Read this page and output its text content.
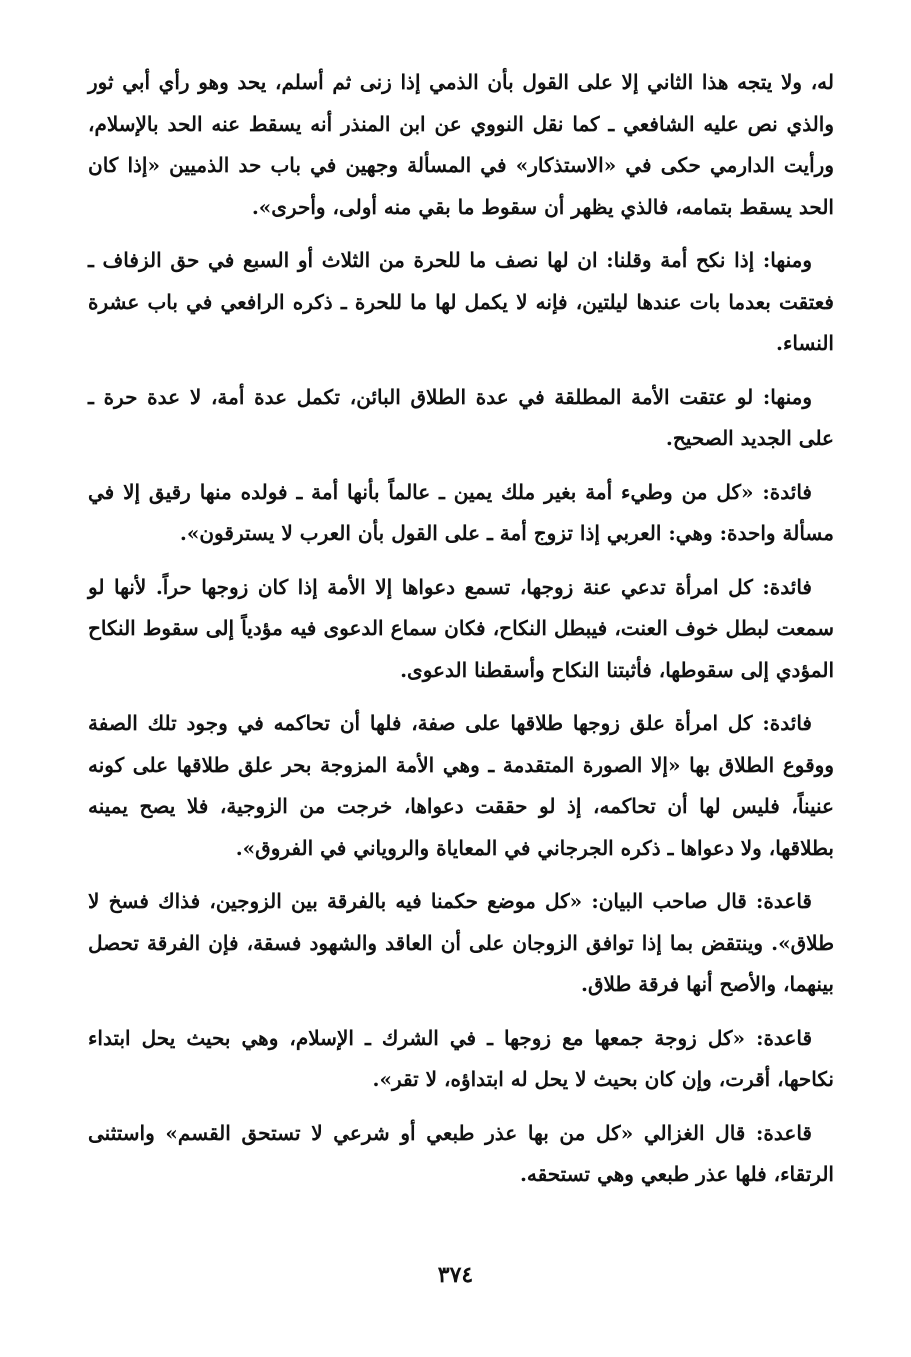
له، ولا يتجه هذا الثاني إلا على القول بأن الذمي إذا زنى ثم أسلم، يحد وهو رأي أبي ثور والذي نص عليه الشافعي ـ كما نقل النووي عن ابن المنذر أنه يسقط عنه الحد بالإسلام، ورأيت الدارمي حكى في «الاستذكار» في المسألة وجهين في باب حد الذميين «إذا كان الحد يسقط بتمامه، فالذي يظهر أن سقوط ما بقي منه أولى، وأحرى».

ومنها: إذا نكح أمة وقلنا: ان لها نصف ما للحرة من الثلاث أو السبع في حق الزفاف ـ فعتقت بعدما بات عندها ليلتين، فإنه لا يكمل لها ما للحرة ـ ذكره الرافعي في باب عشرة النساء.

ومنها: لو عتقت الأمة المطلقة في عدة الطلاق البائن، تكمل عدة أمة، لا عدة حرة ـ على الجديد الصحيح.

فائدة: «كل من وطيء أمة بغير ملك يمين ـ عالماً بأنها أمة ـ فولده منها رقيق إلا في مسألة واحدة: وهي: العربي إذا تزوج أمة ـ على القول بأن العرب لا يسترقون».

فائدة: كل امرأة تدعي عنة زوجها، تسمع دعواها إلا الأمة إذا كان زوجها حراً. لأنها لو سمعت لبطل خوف العنت، فيبطل النكاح، فكان سماع الدعوى فيه مؤدياً إلى سقوط النكاح المؤدي إلى سقوطها، فأثبتنا النكاح وأسقطنا الدعوى.

فائدة: كل امرأة علق زوجها طلاقها على صفة، فلها أن تحاكمه في وجود تلك الصفة ووقوع الطلاق بها «إلا الصورة المتقدمة ـ وهي الأمة المزوجة بحر علق طلاقها على كونه عنيناً، فليس لها أن تحاكمه، إذ لو حققت دعواها، خرجت من الزوجية، فلا يصح يمينه بطلاقها، ولا دعواها ـ ذكره الجرجاني في المعاياة والروياني في الفروق».

قاعدة: قال صاحب البيان: «كل موضع حكمنا فيه بالفرقة بين الزوجين، فذاك فسخ لا طلاق». وينتقض بما إذا توافق الزوجان على أن العاقد والشهود فسقة، فإن الفرقة تحصل بينهما، والأصح أنها فرقة طلاق.

قاعدة: «كل زوجة جمعها مع زوجها ـ في الشرك ـ الإسلام، وهي بحيث يحل ابتداء نكاحها، أقرت، وإن كان بحيث لا يحل له ابتداؤه، لا تقر».

قاعدة: قال الغزالي «كل من بها عذر طبعي أو شرعي لا تستحق القسم» واستثنى الرتقاء، فلها عذر طبعي وهي تستحقه.

٣٧٤
